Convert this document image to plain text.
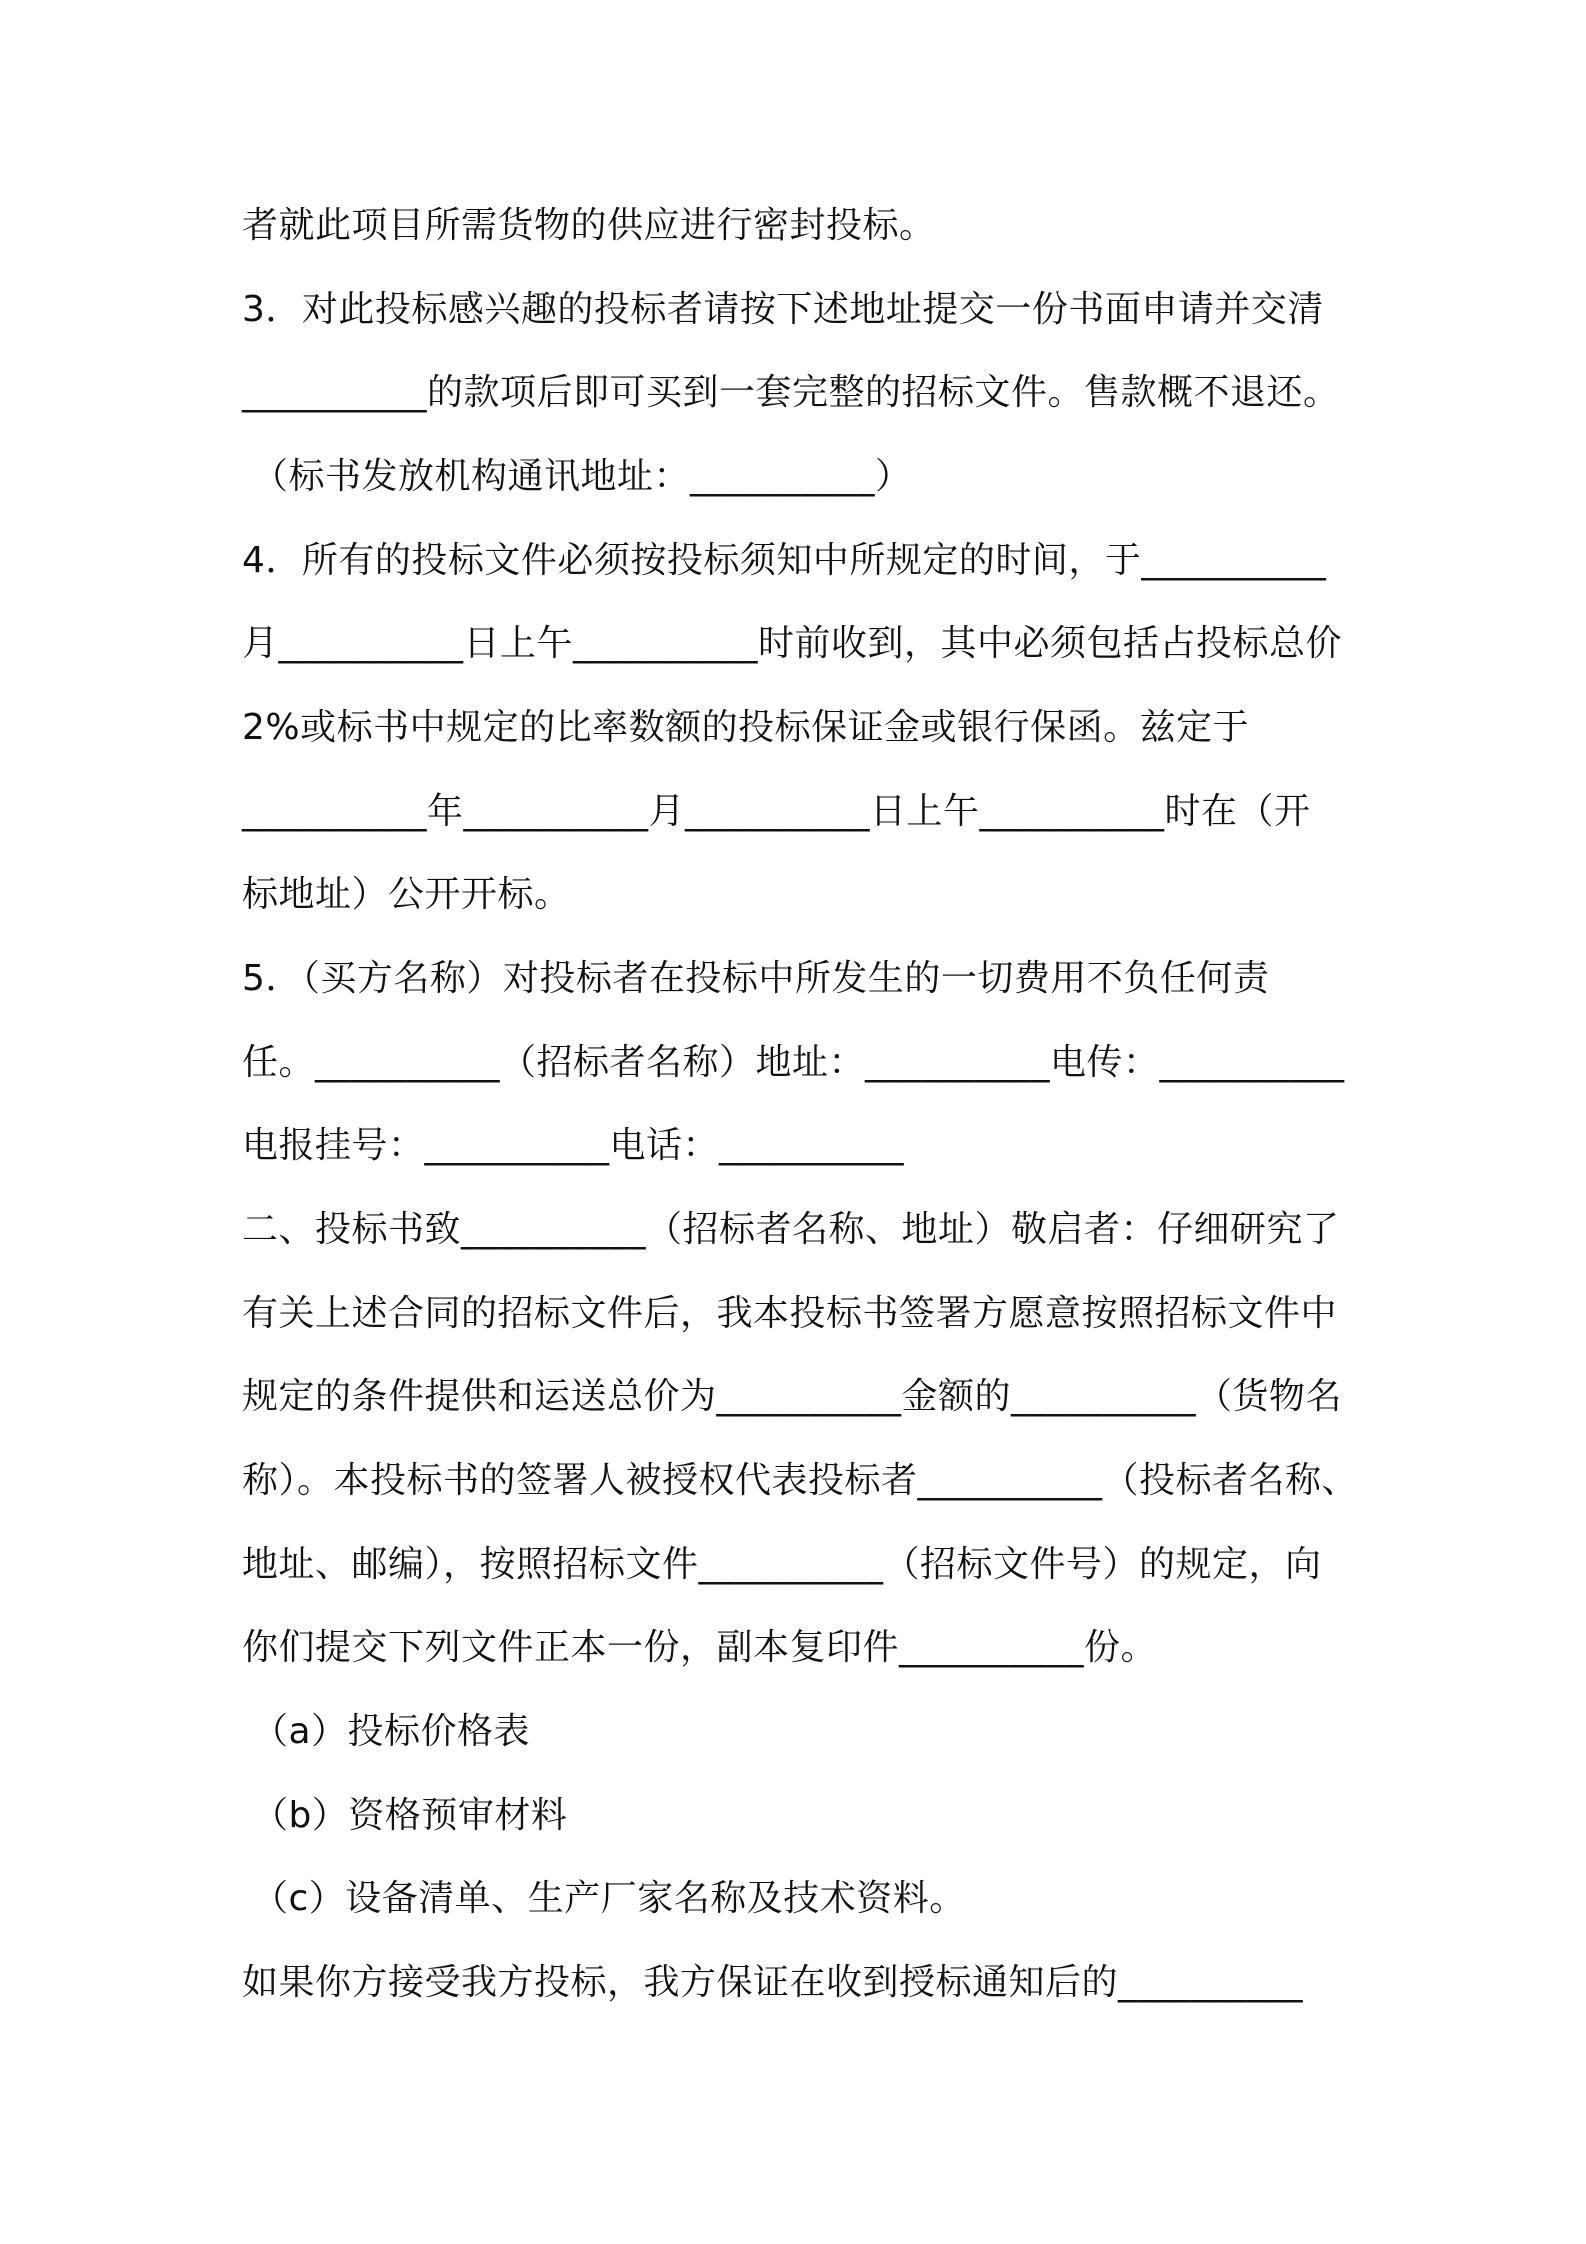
者就此项目所需货物的供应进行密封投标。
3．对此投标感兴趣的投标者请按下述地址提交一份书面申请并交清
__________的款项后即可买到一套完整的招标文件。售款概不退还。
（标书发放机构通讯地址：__________）
4．所有的投标文件必须按投标须知中所规定的时间，于__________
月__________日上午__________时前收到，其中必须包括占投标总价
2%或标书中规定的比率数额的投标保证金或银行保函。兹定于
__________年__________月__________日上午__________时在（开
标地址）公开开标。
5．（买方名称）对投标者在投标中所发生的一切费用不负任何责
任。__________（招标者名称）地址：__________电传：__________
电报挂号：__________电话：__________
二、投标书致__________（招标者名称、地址）敬启者：仔细研究了
有关上述合同的招标文件后，我本投标书签署方愿意按照招标文件中
规定的条件提供和运送总价为__________金额的__________（货物名
称）。本投标书的签署人被授权代表投标者__________（投标者名称、
地址、邮编），按照招标文件__________（招标文件号）的规定，向
你们提交下列文件正本一份，副本复印件__________份。
（a）投标价格表
（b）资格预审材料
（c）设备清单、生产厂家名称及技术资料。
如果你方接受我方投标，我方保证在收到授标通知后的__________
